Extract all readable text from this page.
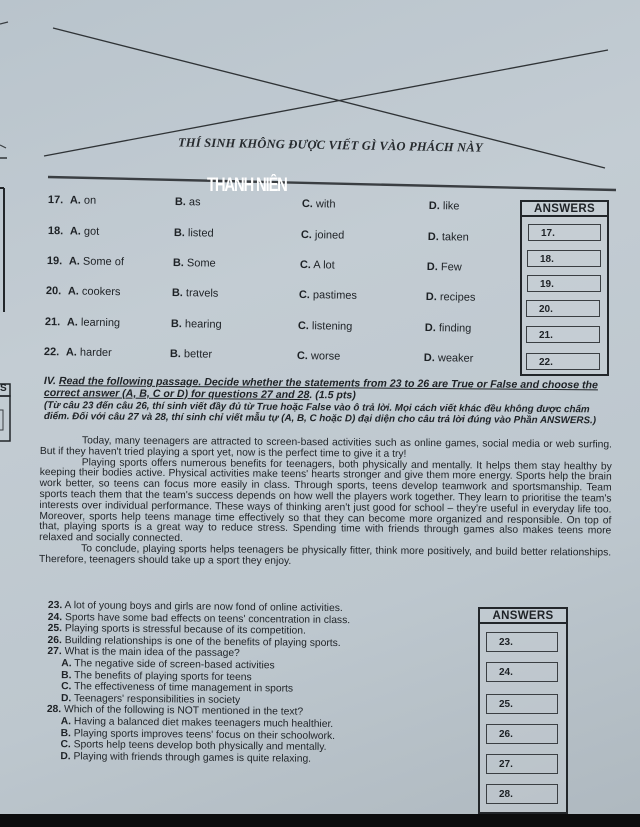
S
THÍ SINH KHÔNG ĐƯỢC VIẾT GÌ VÀO PHÁCH NÀY
THANH NIÊN
17. A. on	B. as	C. with	D. like
18. A. got	B. listed	C. joined	D. taken
19. A. Some of	B. Some	C. A lot	D. Few
20. A. cookers	B. travels	C. pastimes	D. recipes
21. A. learning	B. hearing	C. listening	D. finding
22. A. harder	B. better	C. worse	D. weaker
ANSWERS
17.
18.
19.
20.
21.
22.
IV. Read the following passage. Decide whether the statements from 23 to 26 are True or False and choose the correct answer (A, B, C or D) for questions 27 and 28. (1.5 pts)
(Từ câu 23 đến câu 26, thí sinh viết đầy đủ từ True hoặc False vào ô trả lời. Mọi cách viết khác đều không được chấm điểm. Đối với câu 27 và 28, thí sinh chỉ viết mẫu tự (A, B, C hoặc D) đại diện cho câu trả lời đúng vào Phần ANSWERS.)

Today, many teenagers are attracted to screen-based activities such as online games, social media or web surfing. But if they haven't tried playing a sport yet, now is the perfect time to give it a try!

Playing sports offers numerous benefits for teenagers, both physically and mentally. It helps them stay healthy by keeping their bodies active. Physical activities make teens' hearts stronger and give them more energy. Sports help the brain work better, so teens can focus more easily in class. Through sports, teens develop teamwork and sportsmanship. Team sports teach them that the team's success depends on how well the players work together. They learn to prioritise the team's interests over individual performance. These ways of thinking aren't just good for school – they're useful in everyday life too. Moreover, sports help teens manage time effectively so that they can become more organized and responsible. On top of that, playing sports is a great way to reduce stress. Spending time with friends through games also makes teens more relaxed and socially connected.

To conclude, playing sports helps teenagers be physically fitter, think more positively, and build better relationships. Therefore, teenagers should take up a sport they enjoy.

23. A lot of young boys and girls are now fond of online activities.
24. Sports have some bad effects on teens' concentration in class.
25. Playing sports is stressful because of its competition.
26. Building relationships is one of the benefits of playing sports.
27. What is the main idea of the passage?
A. The negative side of screen-based activities
B. The benefits of playing sports for teens
C. The effectiveness of time management in sports
D. Teenagers' responsibilities in society
28. Which of the following is NOT mentioned in the text?
A. Having a balanced diet makes teenagers much healthier.
B. Playing sports improves teens' focus on their schoolwork.
C. Sports help teens develop both physically and mentally.
D. Playing with friends through games is quite relaxing.
ANSWERS
23.
24.
25.
26.
27.
28.
